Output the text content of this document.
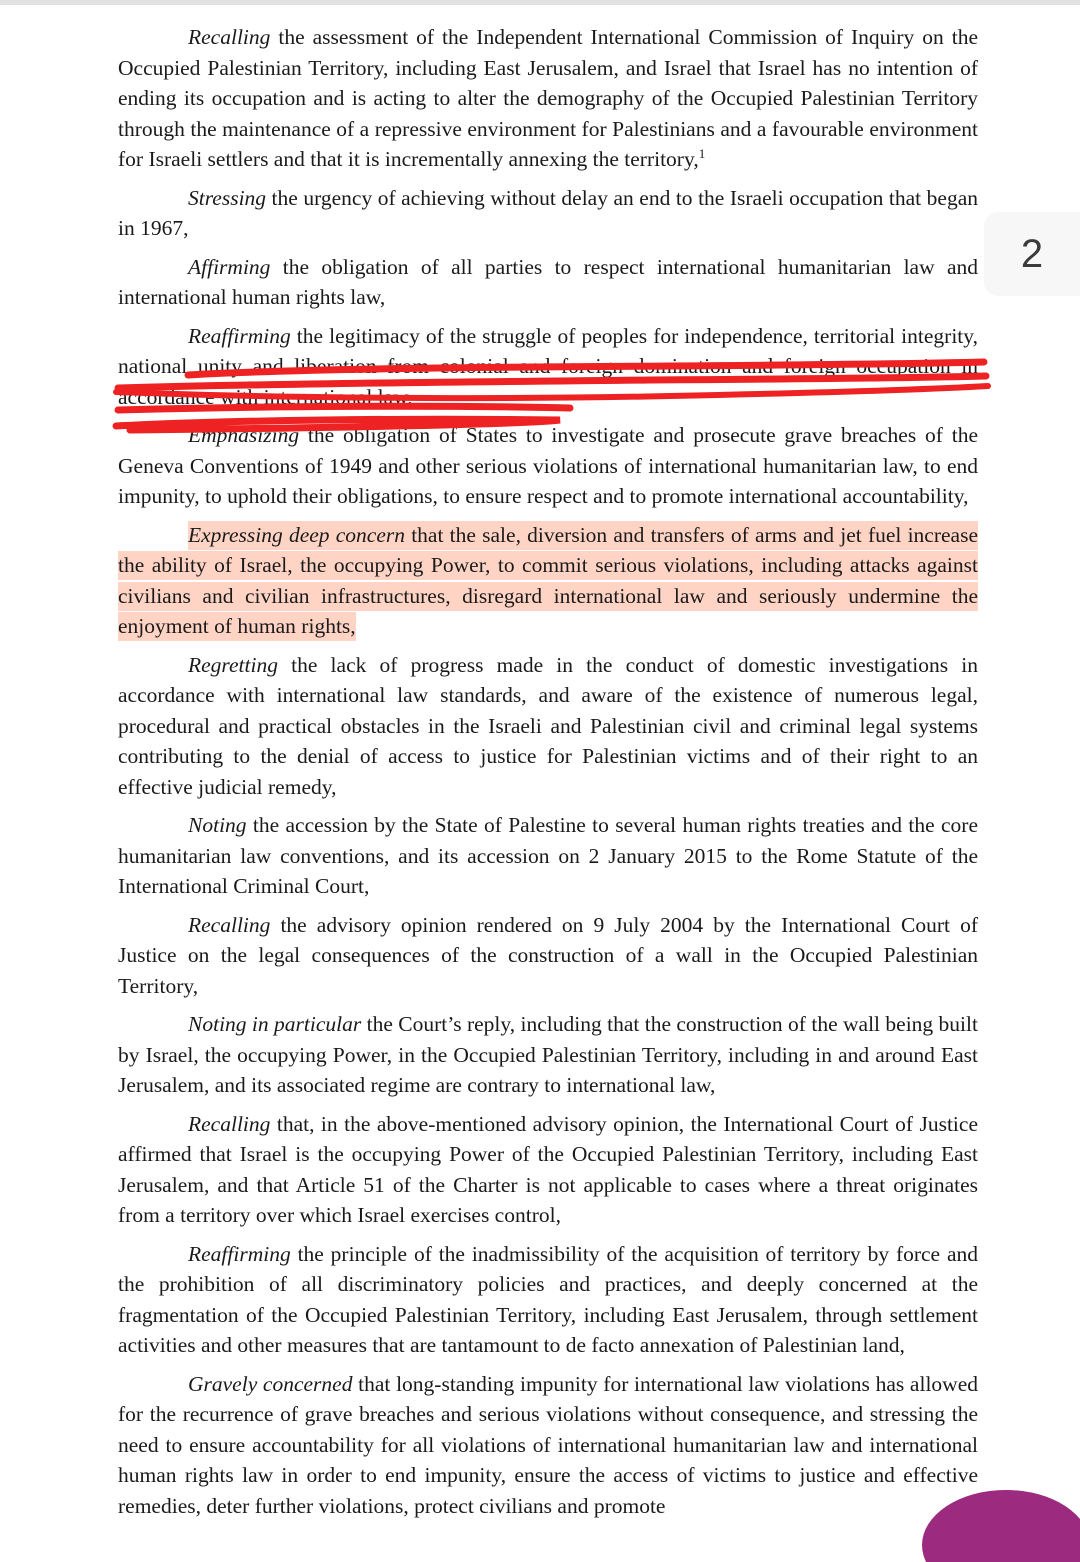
Recalling the assessment of the Independent International Commission of Inquiry on the Occupied Palestinian Territory, including East Jerusalem, and Israel that Israel has no intention of ending its occupation and is acting to alter the demography of the Occupied Palestinian Territory through the maintenance of a repressive environment for Palestinians and a favourable environment for Israeli settlers and that it is incrementally annexing the territory,$^1$

Stressing the urgency of achieving without delay an end to the Israeli occupation that began in 1967,

Affirming the obligation of all parties to respect international humanitarian law and international human rights law,

Reaffirming the legitimacy of the struggle of peoples for independence, territorial integrity, national unity and liberation from colonial and foreign domination and foreign occupation in accordance with international law,

Emphasizing the obligation of States to investigate and prosecute grave breaches of the Geneva Conventions of 1949 and other serious violations of international humanitarian law, to end impunity, to uphold their obligations, to ensure respect and to promote international accountability,

Expressing deep concern that the sale, diversion and transfers of arms and jet fuel increase the ability of Israel, the occupying Power, to commit serious violations, including attacks against civilians and civilian infrastructures, disregard international law and seriously undermine the enjoyment of human rights,

Regretting the lack of progress made in the conduct of domestic investigations in accordance with international law standards, and aware of the existence of numerous legal, procedural and practical obstacles in the Israeli and Palestinian civil and criminal legal systems contributing to the denial of access to justice for Palestinian victims and of their right to an effective judicial remedy,

Noting the accession by the State of Palestine to several human rights treaties and the core humanitarian law conventions, and its accession on 2 January 2015 to the Rome Statute of the International Criminal Court,

Recalling the advisory opinion rendered on 9 July 2004 by the International Court of Justice on the legal consequences of the construction of a wall in the Occupied Palestinian Territory,

Noting in particular the Court’s reply, including that the construction of the wall being built by Israel, the occupying Power, in the Occupied Palestinian Territory, including in and around East Jerusalem, and its associated regime are contrary to international law,

Recalling that, in the above-mentioned advisory opinion, the International Court of Justice affirmed that Israel is the occupying Power of the Occupied Palestinian Territory, including East Jerusalem, and that Article 51 of the Charter is not applicable to cases where a threat originates from a territory over which Israel exercises control,

Reaffirming the principle of the inadmissibility of the acquisition of territory by force and the prohibition of all discriminatory policies and practices, and deeply concerned at the fragmentation of the Occupied Palestinian Territory, including East Jerusalem, through settlement activities and other measures that are tantamount to de facto annexation of Palestinian land,

Gravely concerned that long-standing impunity for international law violations has allowed for the recurrence of grave breaches and serious violations without consequence, and stressing the need to ensure accountability for all violations of international humanitarian law and international human rights law in order to end impunity, ensure the access of victims to justice and effective remedies, deter further violations, protect civilians and promote

2
